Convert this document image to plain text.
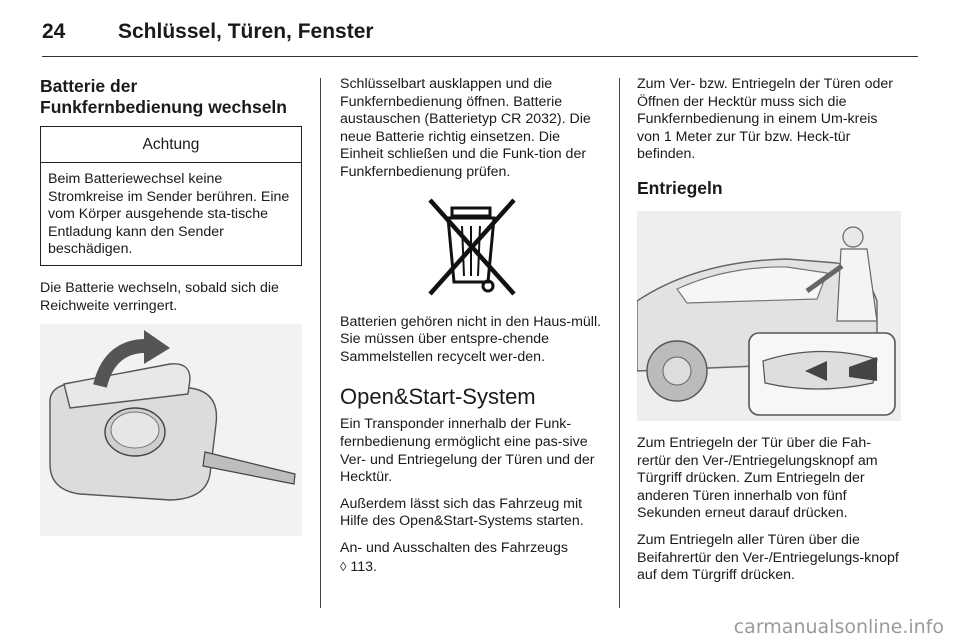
24	Schlüssel, Türen, Fenster
Batterie der Funkfernbedienung wechseln
Achtung
Beim Batteriewechsel keine Stromkreise im Sender berühren. Eine vom Körper ausgehende sta-tische Entladung kann den Sender beschädigen.
Die Batterie wechseln, sobald sich die Reichweite verringert.
Schlüsselbart ausklappen und die Funkfernbedienung öffnen. Batterie austauschen (Batterietyp CR 2032). Die neue Batterie richtig einsetzen. Die Einheit schließen und die Funk-tion der Funkfernbedienung prüfen.
Batterien gehören nicht in den Haus-müll. Sie müssen über entspre-chende Sammelstellen recycelt wer-den.
Open&Start-System
Ein Transponder innerhalb der Funk-fernbedienung ermöglicht eine pas-sive Ver- und Entriegelung der Türen und der Hecktür.
Außerdem lässt sich das Fahrzeug mit Hilfe des Open&Start-Systems starten.
An- und Ausschalten des Fahrzeugs
◊ 113.
Zum Ver- bzw. Entriegeln der Türen oder Öffnen der Hecktür muss sich die Funkfernbedienung in einem Um-kreis von 1 Meter zur Tür bzw. Heck-tür befinden.
Entriegeln
Zum Entriegeln der Tür über die Fah-rertür den Ver-/Entriegelungsknopf am Türgriff drücken. Zum Entriegeln der anderen Türen innerhalb von fünf Sekunden erneut darauf drücken.
Zum Entriegeln aller Türen über die Beifahrertür den Ver-/Entriegelungs-knopf auf dem Türgriff drücken.
carmanualsonline.info
